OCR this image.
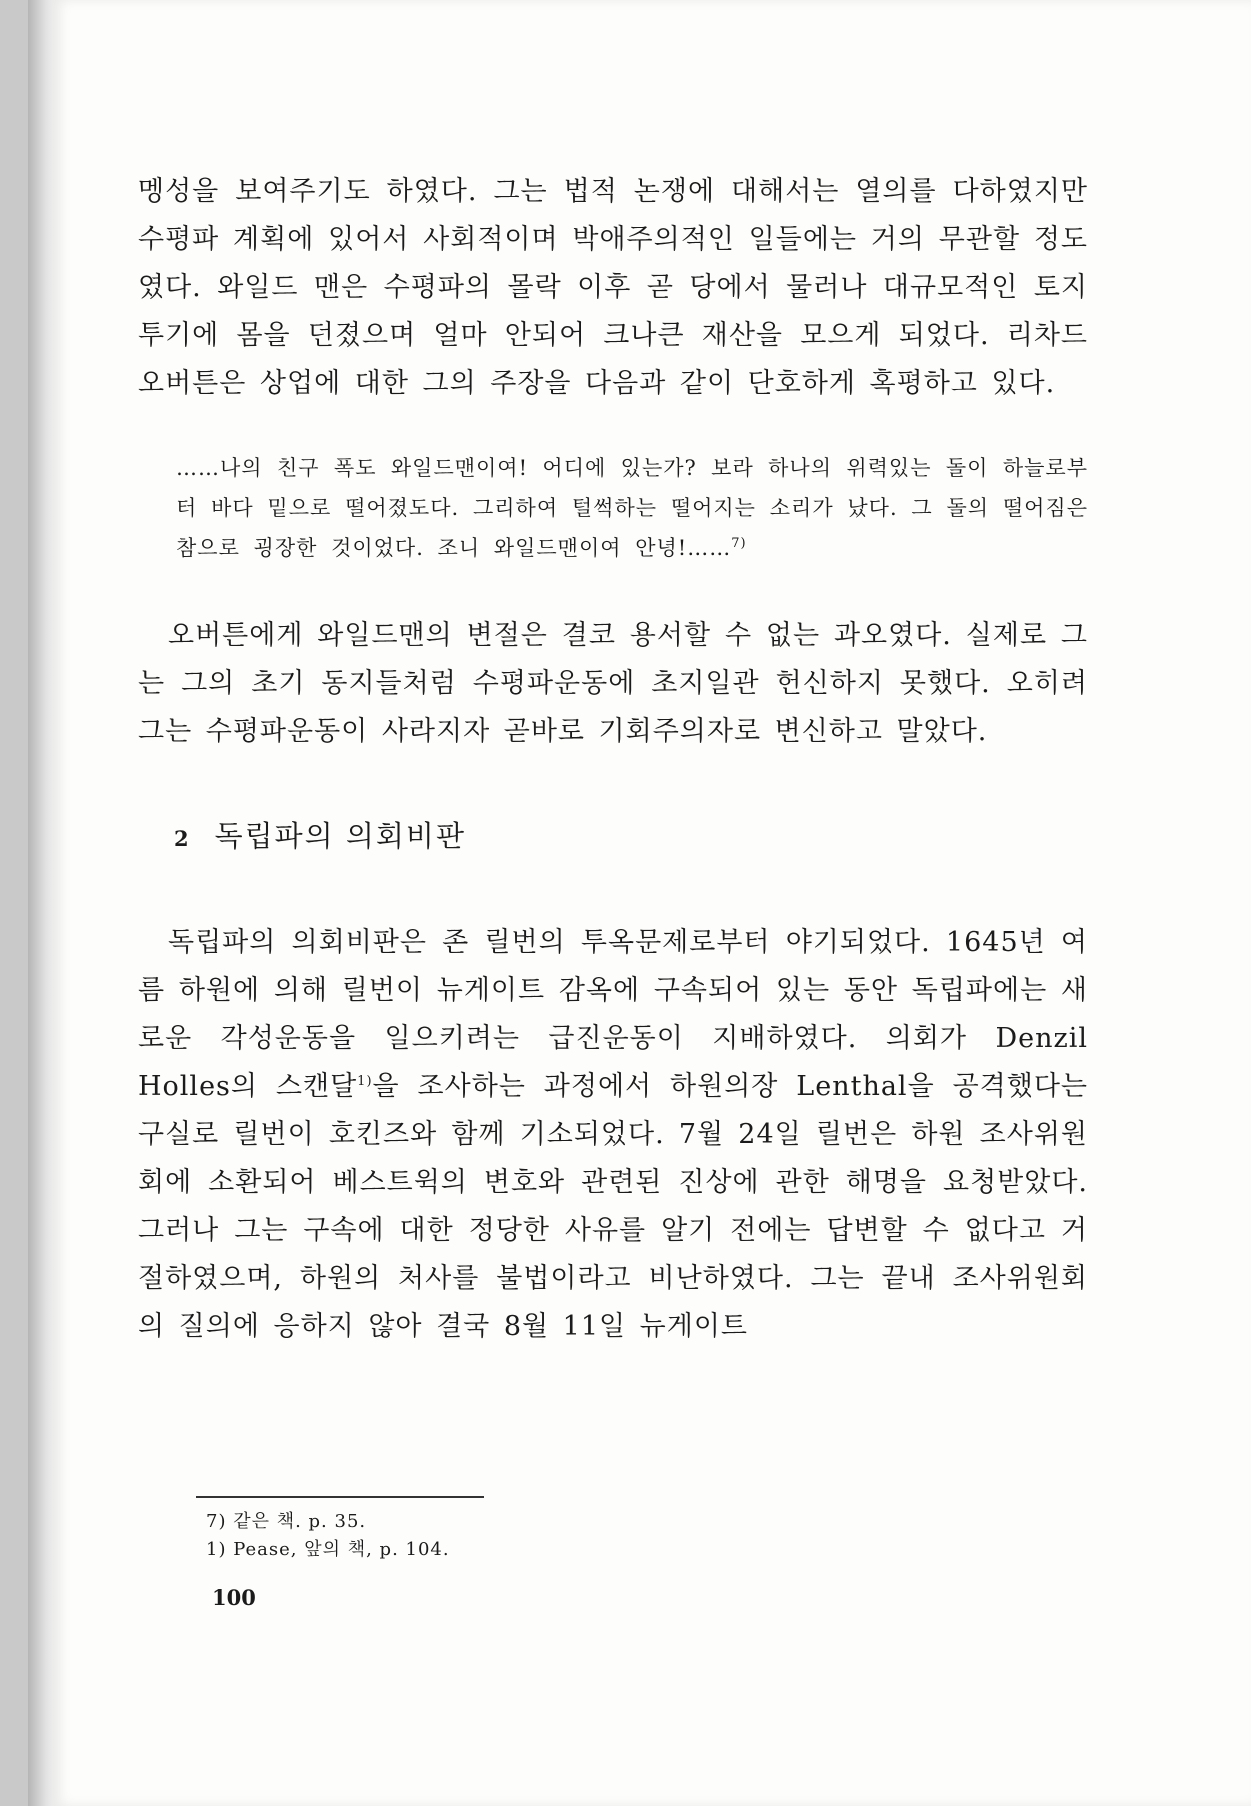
멩성을 보여주기도 하였다. 그는 법적 논쟁에 대해서는 열의를 다하였지만 수평파 계획에 있어서 사회적이며 박애주의적인 일들에는 거의 무관할 정도였다. 와일드 맨은 수평파의 몰락 이후 곧 당에서 물러나 대규모적인 토지투기에 몸을 던졌으며 얼마 안되어 크나큰 재산을 모으게 되었다. 리차드 오버튼은 상업에 대한 그의 주장을 다음과 같이 단호하게 혹평하고 있다.

……나의 친구 폭도 와일드맨이여! 어디에 있는가? 보라 하나의 위력있는 돌이 하늘로부터 바다 밑으로 떨어졌도다. 그리하여 털썩하는 떨어지는 소리가 났다. 그 돌의 떨어짐은 참으로 굉장한 것이었다. 조니 와일드맨이여 안녕!……$^{7)}$

오버튼에게 와일드맨의 변절은 결코 용서할 수 없는 과오였다. 실제로 그는 그의 초기 동지들처럼 수평파운동에 초지일관 헌신하지 못했다. 오히려 그는 수평파운동이 사라지자 곧바로 기회주의자로 변신하고 말았다.

2 독립파의 의회비판

독립파의 의회비판은 존 릴번의 투옥문제로부터 야기되었다. 1645년 여름 하원에 의해 릴번이 뉴게이트 감옥에 구속되어 있는 동안 독립파에는 새로운 각성운동을 일으키려는 급진운동이 지배하였다. 의회가 Denzil Holles의 스캔달$^{1)}$을 조사하는 과정에서 하원의장 Lenthal을 공격했다는 구실로 릴번이 호킨즈와 함께 기소되었다. 7월 24일 릴번은 하원 조사위원회에 소환되어 베스트윅의 변호와 관련된 진상에 관한 해명을 요청받았다. 그러나 그는 구속에 대한 정당한 사유를 알기 전에는 답변할 수 없다고 거절하였으며, 하원의 처사를 불법이라고 비난하였다. 그는 끝내 조사위원회의 질의에 응하지 않아 결국 8월 11일 뉴게이트

7) 같은 책. p. 35.
1) Pease, 앞의 책, p. 104.
100
